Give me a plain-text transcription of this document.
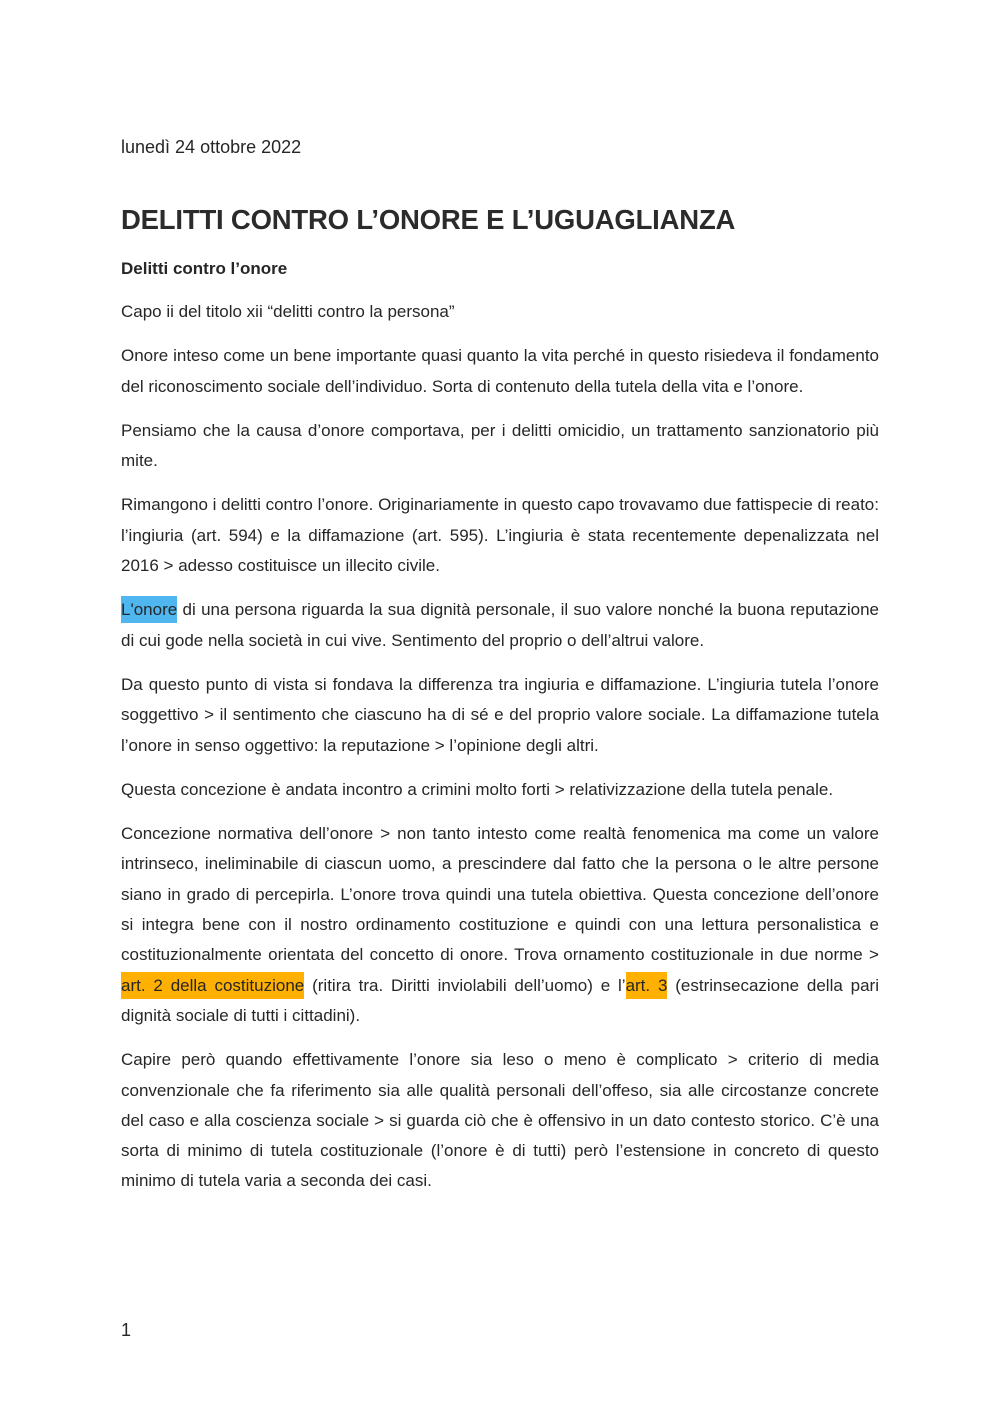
lunedì 24 ottobre 2022
DELITTI CONTRO L’ONORE E L’UGUAGLIANZA
Delitti contro l’onore

Capo ii del titolo xii “delitti contro la persona”

Onore inteso come un bene importante quasi quanto la vita perché in questo risiedeva il fondamento del riconoscimento sociale dell’individuo. Sorta di contenuto della tutela della vita e l’onore.

Pensiamo che la causa d’onore comportava, per i delitti omicidio, un trattamento sanzionatorio più mite.

Rimangono i delitti contro l’onore. Originariamente in questo capo trovavamo due fattispecie di reato: l’ingiuria (art. 594) e la diffamazione (art. 595). L’ingiuria è stata recentemente depenalizzata nel 2016 > adesso costituisce un illecito civile.

L'onore di una persona riguarda la sua dignità personale, il suo valore nonché la buona reputazione di cui gode nella società in cui vive. Sentimento del proprio o dell’altrui valore.

Da questo punto di vista si fondava la differenza tra ingiuria e diffamazione. L’ingiuria tutela l’onore soggettivo > il sentimento che ciascuno ha di sé e del proprio valore sociale. La diffamazione tutela l’onore in senso oggettivo: la reputazione > l’opinione degli altri.

Questa concezione è andata incontro a crimini molto forti > relativizzazione della tutela penale.

Concezione normativa dell’onore > non tanto intesto come realtà fenomenica ma come un valore intrinseco, ineliminabile di ciascun uomo, a prescindere dal fatto che la persona o le altre persone siano in grado di percepirla. L’onore trova quindi una tutela obiettiva. Questa concezione dell’onore si integra bene con il nostro ordinamento costituzione e quindi con una lettura personalistica e costituzionalmente orientata del concetto di onore. Trova ornamento costituzionale in due norme > art. 2 della costituzione (ritira tra. Diritti inviolabili dell’uomo) e l’art. 3 (estrinsecazione della pari dignità sociale di tutti i cittadini).

Capire però quando effettivamente l’onore sia leso o meno è complicato > criterio di media convenzionale che fa riferimento sia alle qualità personali dell’offeso, sia alle circostanze concrete del caso e alla coscienza sociale > si guarda ciò che è offensivo in un dato contesto storico. C’è una sorta di minimo di tutela costituzionale (l’onore è di tutti) però l’estensione in concreto di questo minimo di tutela varia a seconda dei casi.

1
